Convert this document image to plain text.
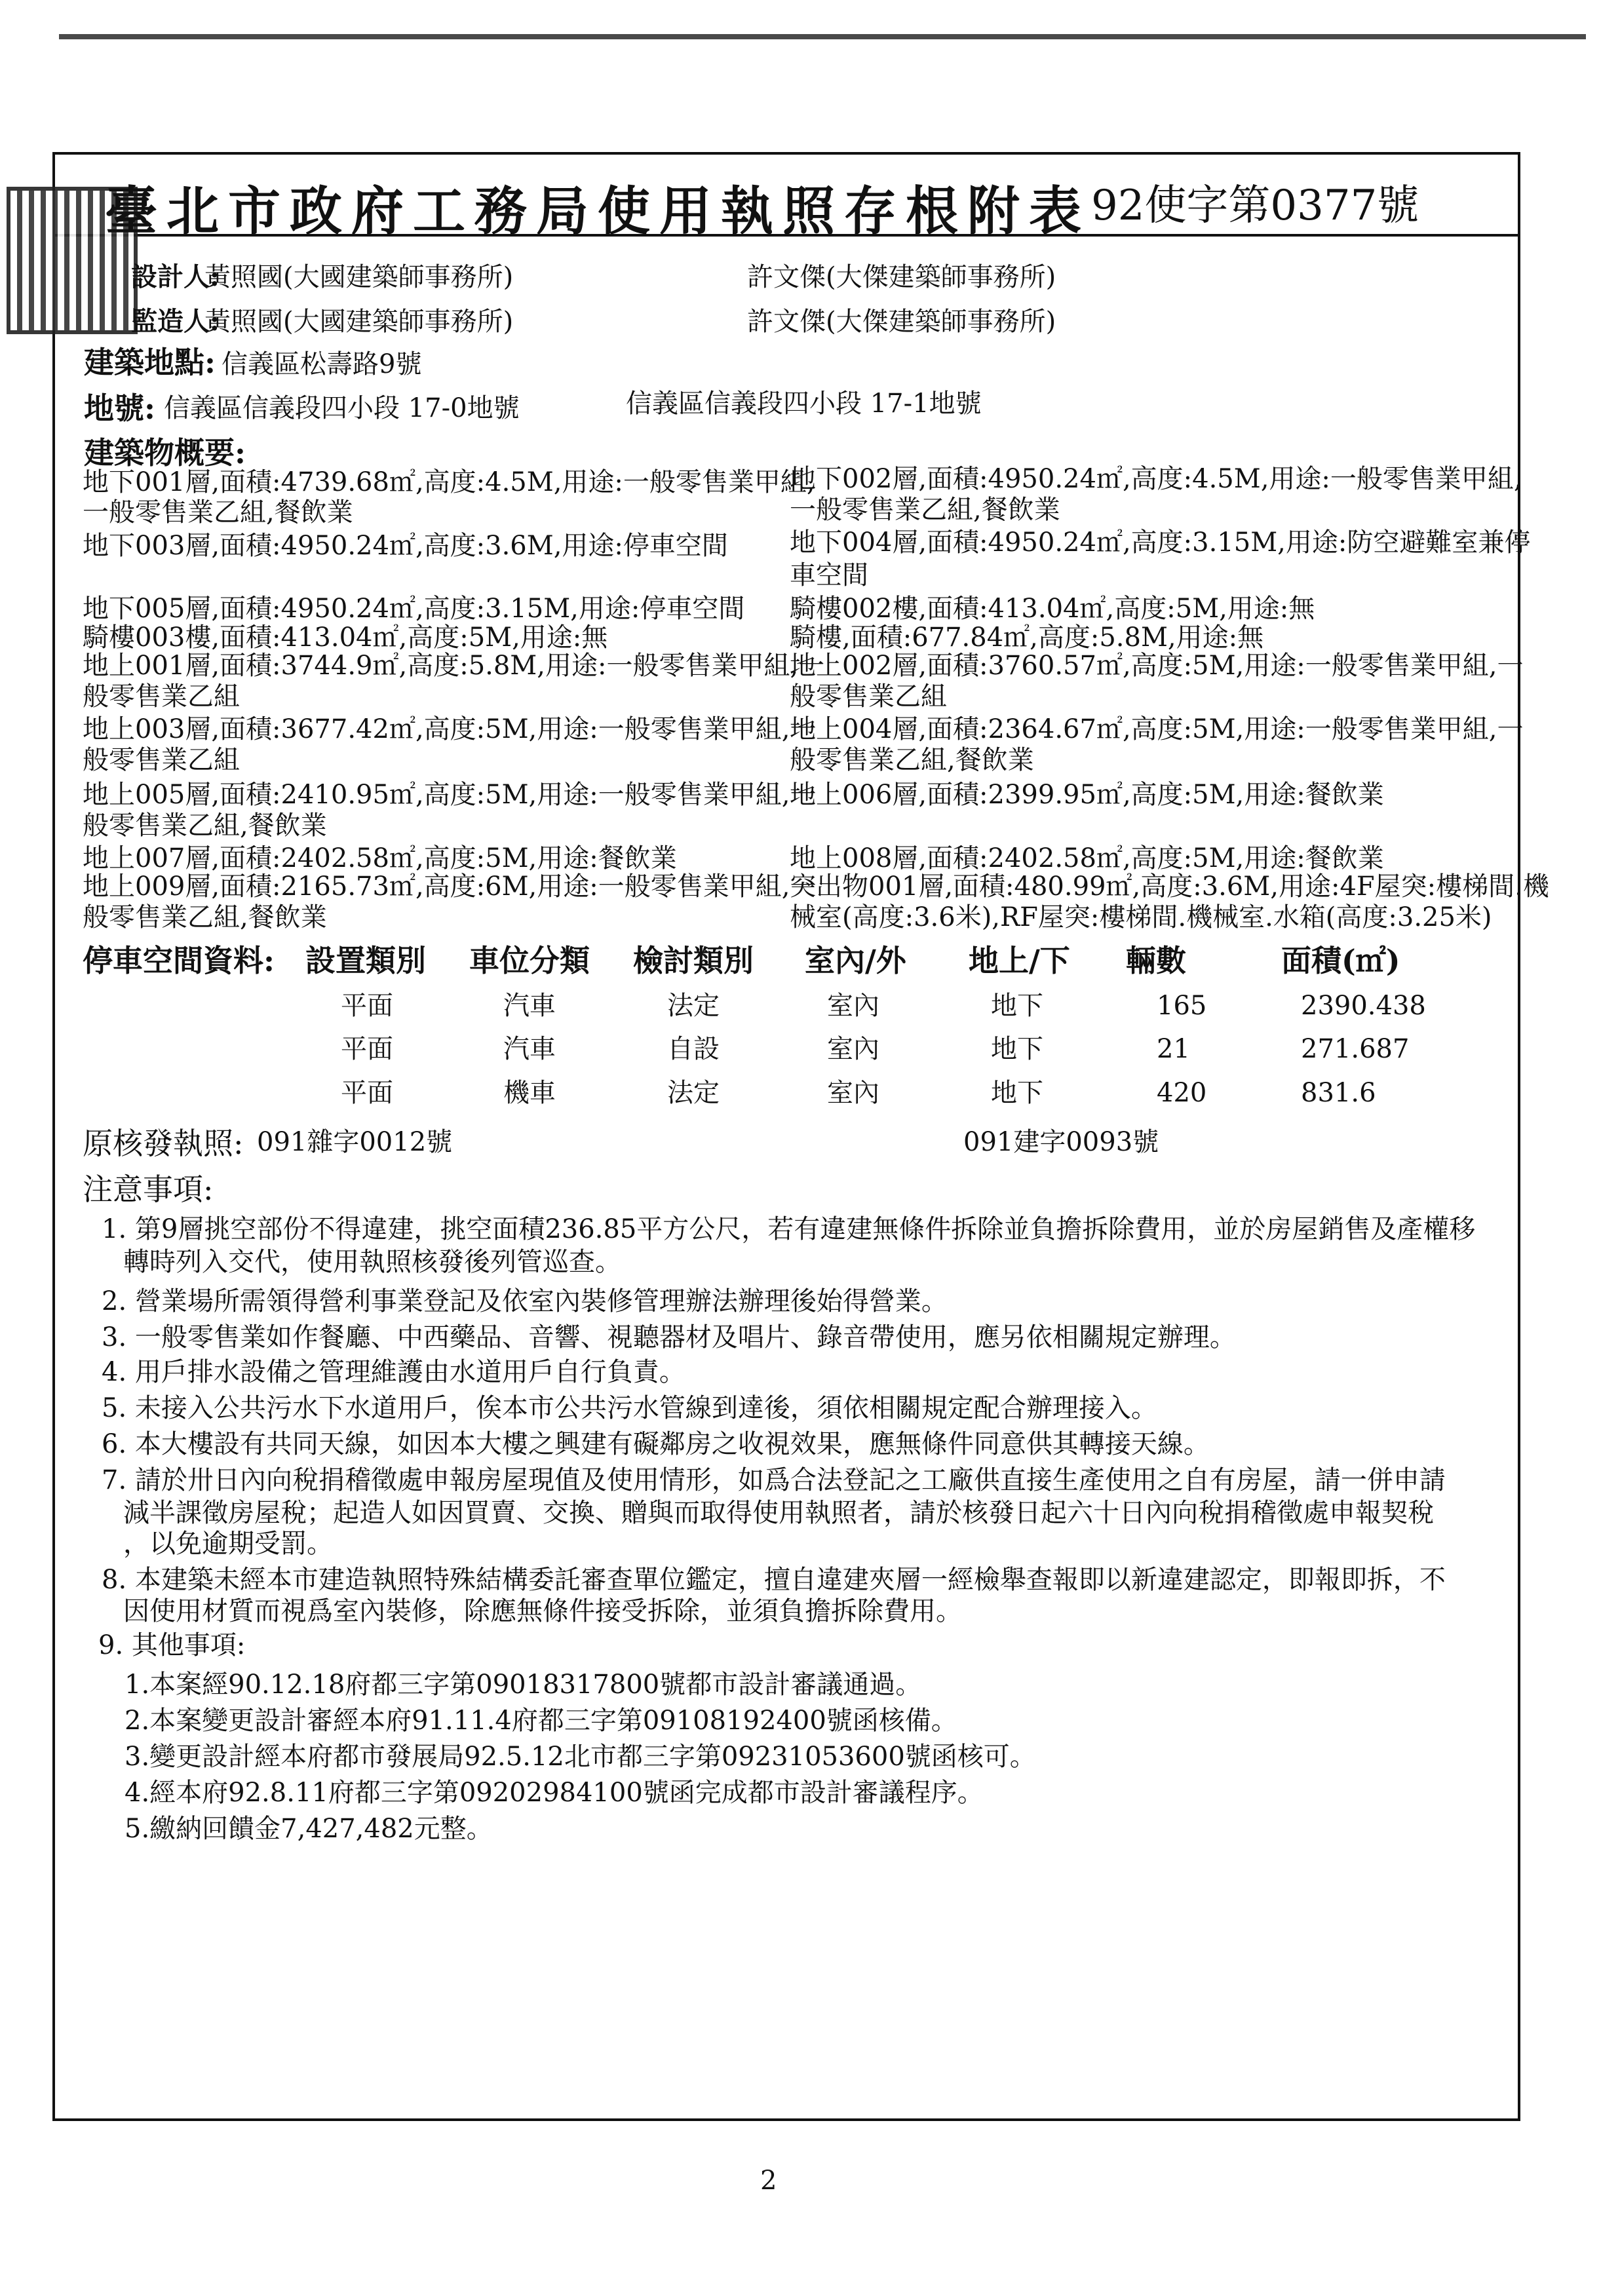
臺北市政府工務局使用執照存根附表 92使字第0377號
設計人:
黃照國(大國建築師事務所)	許文傑(大傑建築師事務所)
監造人:
黃照國(大國建築師事務所)	許文傑(大傑建築師事務所)
建築地點: 信義區松壽路9號
地號: 信義區信義段四小段 17-0地號	信義區信義段四小段 17-1地號
建築物概要:
地下001層,面積:4739.68㎡,高度:4.5M,用途:一般零售業甲組,
一般零售業乙組,餐飲業
地下003層,面積:4950.24㎡,高度:3.6M,用途:停車空間
地下005層,面積:4950.24㎡,高度:3.15M,用途:停車空間
騎樓003樓,面積:413.04㎡,高度:5M,用途:無
地上001層,面積:3744.9㎡,高度:5.8M,用途:一般零售業甲組,一
般零售業乙組
地上003層,面積:3677.42㎡,高度:5M,用途:一般零售業甲組,一
般零售業乙組
地上005層,面積:2410.95㎡,高度:5M,用途:一般零售業甲組,一
般零售業乙組,餐飲業
地上007層,面積:2402.58㎡,高度:5M,用途:餐飲業
地上009層,面積:2165.73㎡,高度:6M,用途:一般零售業甲組,一
般零售業乙組,餐飲業
地下002層,面積:4950.24㎡,高度:4.5M,用途:一般零售業甲組,
一般零售業乙組,餐飲業
地下004層,面積:4950.24㎡,高度:3.15M,用途:防空避難室兼停
車空間
騎樓002樓,面積:413.04㎡,高度:5M,用途:無
騎樓,面積:677.84㎡,高度:5.8M,用途:無
地上002層,面積:3760.57㎡,高度:5M,用途:一般零售業甲組,一
般零售業乙組
地上004層,面積:2364.67㎡,高度:5M,用途:一般零售業甲組,一
般零售業乙組,餐飲業
地上006層,面積:2399.95㎡,高度:5M,用途:餐飲業
地上008層,面積:2402.58㎡,高度:5M,用途:餐飲業
突出物001層,面積:480.99㎡,高度:3.6M,用途:4F屋突:樓梯間.機
械室(高度:3.6米),RF屋突:樓梯間.機械室.水箱(高度:3.25米)
停車空間資料: 設置類別 車位分類 檢討類別 室內/外 地上/下 輛數	面積(㎡)
平面	汽車	法定	室內	地下	165	2390.438
平面	汽車	自設	室內	地下	21	271.687
平面	機車	法定	室內	地下	420	831.6
原核發執照: 091雜字0012號	091建字0093號
注意事項:
1. 第9層挑空部份不得違建，挑空面積236.85平方公尺，若有違建無條件拆除並負擔拆除費用，並於房屋銷售及產權移
轉時列入交代，使用執照核發後列管巡查。
2. 營業場所需領得營利事業登記及依室內裝修管理辦法辦理後始得營業。
3. 一般零售業如作餐廳、中西藥品、音響、視聽器材及唱片、錄音帶使用，應另依相關規定辦理。
4. 用戶排水設備之管理維護由水道用戶自行負責。
5. 未接入公共污水下水道用戶，俟本市公共污水管線到達後，須依相關規定配合辦理接入。
6. 本大樓設有共同天線，如因本大樓之興建有礙鄰房之收視效果，應無條件同意供其轉接天線。
7. 請於卅日內向稅捐稽徵處申報房屋現值及使用情形，如爲合法登記之工廠供直接生產使用之自有房屋，請一併申請
減半課徵房屋稅；起造人如因買賣、交換、贈與而取得使用執照者，請於核發日起六十日內向稅捐稽徵處申報契稅
，以免逾期受罰。
8. 本建築未經本市建造執照特殊結構委託審查單位鑑定，擅自違建夾層一經檢舉查報即以新違建認定，即報即拆，不
因使用材質而視爲室內裝修，除應無條件接受拆除，並須負擔拆除費用。
9. 其他事項:
1.本案經90.12.18府都三字第09018317800號都市設計審議通過。
2.本案變更設計審經本府91.11.4府都三字第09108192400號函核備。
3.變更設計經本府都市發展局92.5.12北市都三字第09231053600號函核可。
4.經本府92.8.11府都三字第09202984100號函完成都市設計審議程序。
5.繳納回饋金7,427,482元整。
2
